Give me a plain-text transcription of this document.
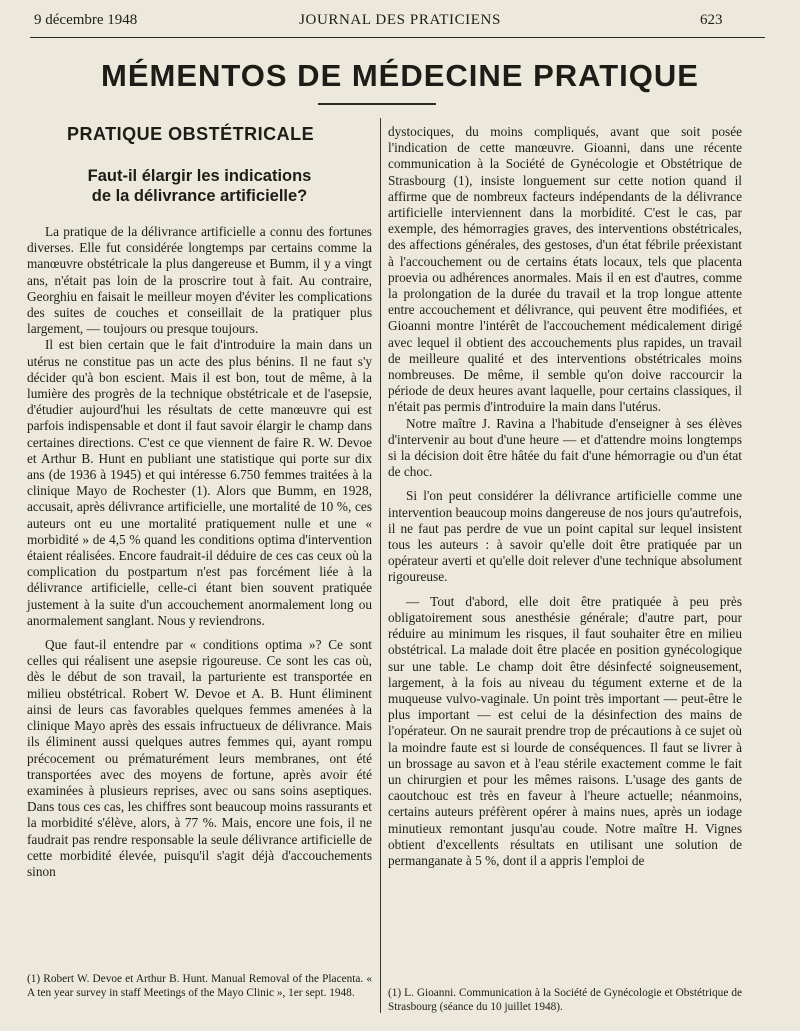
9 décembre 1948	JOURNAL DES PRATICIENS	623
MÉMENTOS DE MÉDECINE PRATIQUE
PRATIQUE OBSTÉTRICALE
Faut-il élargir les indications
de la délivrance artificielle?

La pratique de la délivrance artificielle a connu des fortunes diverses. Elle fut considérée longtemps par certains comme la manœuvre obstétricale la plus dangereuse et Bumm, il y a vingt ans, n'était pas loin de la proscrire tout à fait. Au contraire, Georghiu en faisait le meilleur moyen d'éviter les complications des suites de couches et conseillait de la pratiquer plus largement, — toujours ou presque toujours.

Il est bien certain que le fait d'introduire la main dans un utérus ne constitue pas un acte des plus bénins. Il ne faut s'y décider qu'à bon escient. Mais il est bon, tout de même, à la lumière des progrès de la technique obstétricale et de l'asepsie, d'étudier aujourd'hui les résultats de cette manœuvre qui est parfois indispensable et dont il faut savoir élargir le champ dans certaines directions. C'est ce que viennent de faire R. W. Devoe et Arthur B. Hunt en publiant une statistique qui porte sur dix ans (de 1936 à 1945) et qui intéresse 6.750 femmes traitées à la clinique Mayo de Rochester (1). Alors que Bumm, en 1928, accusait, après délivrance artificielle, une mortalité de 10 %, ces auteurs ont eu une mortalité pratiquement nulle et une « morbidité » de 4,5 % quand les conditions optima d'intervention étaient réalisées. Encore faudrait-il déduire de ces cas ceux où la complication du postpartum n'est pas forcément liée à la délivrance artificielle, celle-ci étant bien souvent pratiquée justement à la suite d'un accouchement anormalement long ou anormalement sanglant. Nous y reviendrons.

Que faut-il entendre par « conditions optima »? Ce sont celles qui réalisent une asepsie rigoureuse. Ce sont les cas où, dès le début de son travail, la parturiente est transportée en milieu obstétrical. Robert W. Devoe et A. B. Hunt éliminent ainsi de leurs cas favorables quelques femmes amenées à la clinique Mayo après des essais infructueux de délivrance. Mais ils éliminent aussi quelques autres femmes qui, ayant rompu précocement ou prématurément leurs membranes, ont été transportées avec des moyens de fortune, après avoir été examinées à plusieurs reprises, avec ou sans soins aseptiques. Dans tous ces cas, les chiffres sont beaucoup moins rassurants et la morbidité s'élève, alors, à 77 %. Mais, encore une fois, il ne faudrait pas rendre responsable la seule délivrance artificielle de cette morbidité élevée, puisqu'il s'agit déjà d'accouchements sinon

dystociques, du moins compliqués, avant que soit posée l'indication de cette manœuvre. Gioanni, dans une récente communication à la Société de Gynécologie et Obstétrique de Strasbourg (1), insiste longuement sur cette notion quand il affirme que de nombreux facteurs indépendants de la délivrance artificielle interviennent dans la morbidité. C'est le cas, par exemple, des hémorragies graves, des interventions obstétricales, des affections générales, des gestoses, d'un état fébrile préexistant à l'accouchement ou de certains états locaux, tels que placenta proevia ou adhérences anormales. Mais il en est d'autres, comme la prolongation de la durée du travail et la trop longue attente entre accouchement et délivrance, qui peuvent être modifiées, et Gioanni montre l'intérêt de l'accouchement médicalement dirigé avec lequel il obtient des accouchements plus rapides, un travail de meilleure qualité et des interventions obstétricales moins nombreuses. De même, il semble qu'on doive raccourcir la période de deux heures avant laquelle, pour certains classiques, il n'était pas permis d'introduire la main dans l'utérus.

Notre maître J. Ravina a l'habitude d'enseigner à ses élèves d'intervenir au bout d'une heure — et d'attendre moins longtemps si la décision doit être hâtée du fait d'une hémorragie ou d'un état de choc.

Si l'on peut considérer la délivrance artificielle comme une intervention beaucoup moins dangereuse de nos jours qu'autrefois, il ne faut pas perdre de vue un point capital sur lequel insistent tous les auteurs : à savoir qu'elle doit être pratiquée par un opérateur averti et qu'elle doit relever d'une technique absolument rigoureuse.

— Tout d'abord, elle doit être pratiquée à peu près obligatoirement sous anesthésie générale; d'autre part, pour réduire au minimum les risques, il faut souhaiter être en milieu obstétrical. La malade doit être placée en position gynécologique sur une table. Le champ doit être désinfecté soigneusement, largement, à la fois au niveau du tégument externe et de la muqueuse vulvo-vaginale. Un point très important — peut-être le plus important — est celui de la désinfection des mains de l'opérateur. On ne saurait prendre trop de précautions à ce sujet où la moindre faute est si lourde de conséquences. Il faut se livrer à un brossage au savon et à l'eau stérile exactement comme le fait un chirurgien et pour les mêmes raisons. L'usage des gants de caoutchouc est très en faveur à l'heure actuelle; néanmoins, certains auteurs préfèrent opérer à mains nues, après un iodage minutieux remontant jusqu'au coude. Notre maître H. Vignes obtient d'excellents résultats en utilisant une solution de permanganate à 5 %, dont il a appris l'emploi de

(1) Robert W. Devoe et Arthur B. Hunt. Manual Removal of the Placenta. « A ten year survey in staff Meetings of the Mayo Clinic », 1er sept. 1948.	(1) L. Gioanni. Communication à la Société de Gynécologie et Obstétrique de Strasbourg (séance du 10 juillet 1948).
